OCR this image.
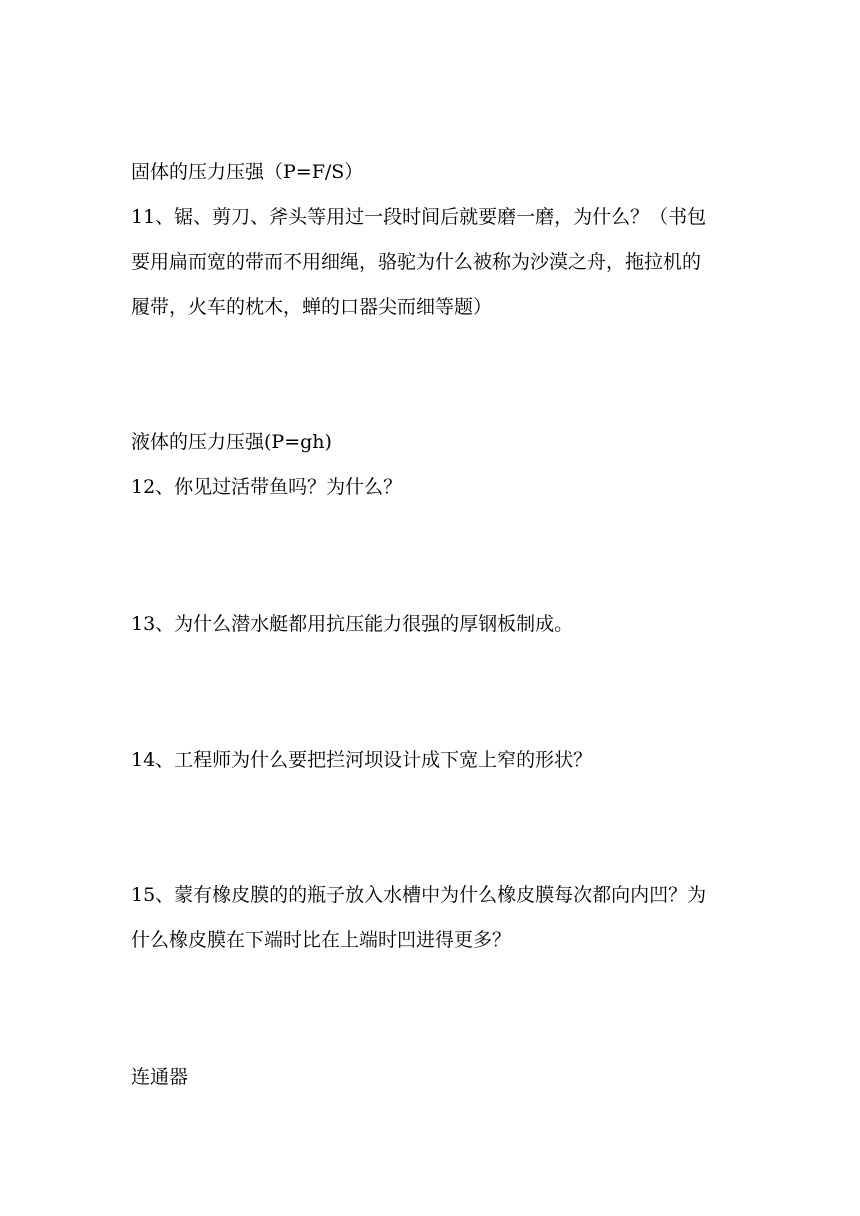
固体的压力压强（P=F/S）

11、锯、剪刀、斧头等用过一段时间后就要磨一磨，为什么？（书包

要用扁而宽的带而不用细绳，骆驼为什么被称为沙漠之舟，拖拉机的

履带，火车的枕木，蝉的口器尖而细等题）

液体的压力压强(P=gh)

12、你见过活带鱼吗？为什么？

13、为什么潜水艇都用抗压能力很强的厚钢板制成。

14、工程师为什么要把拦河坝设计成下宽上窄的形状？

15、蒙有橡皮膜的的瓶子放入水槽中为什么橡皮膜每次都向内凹？为

什么橡皮膜在下端时比在上端时凹进得更多？

连通器
